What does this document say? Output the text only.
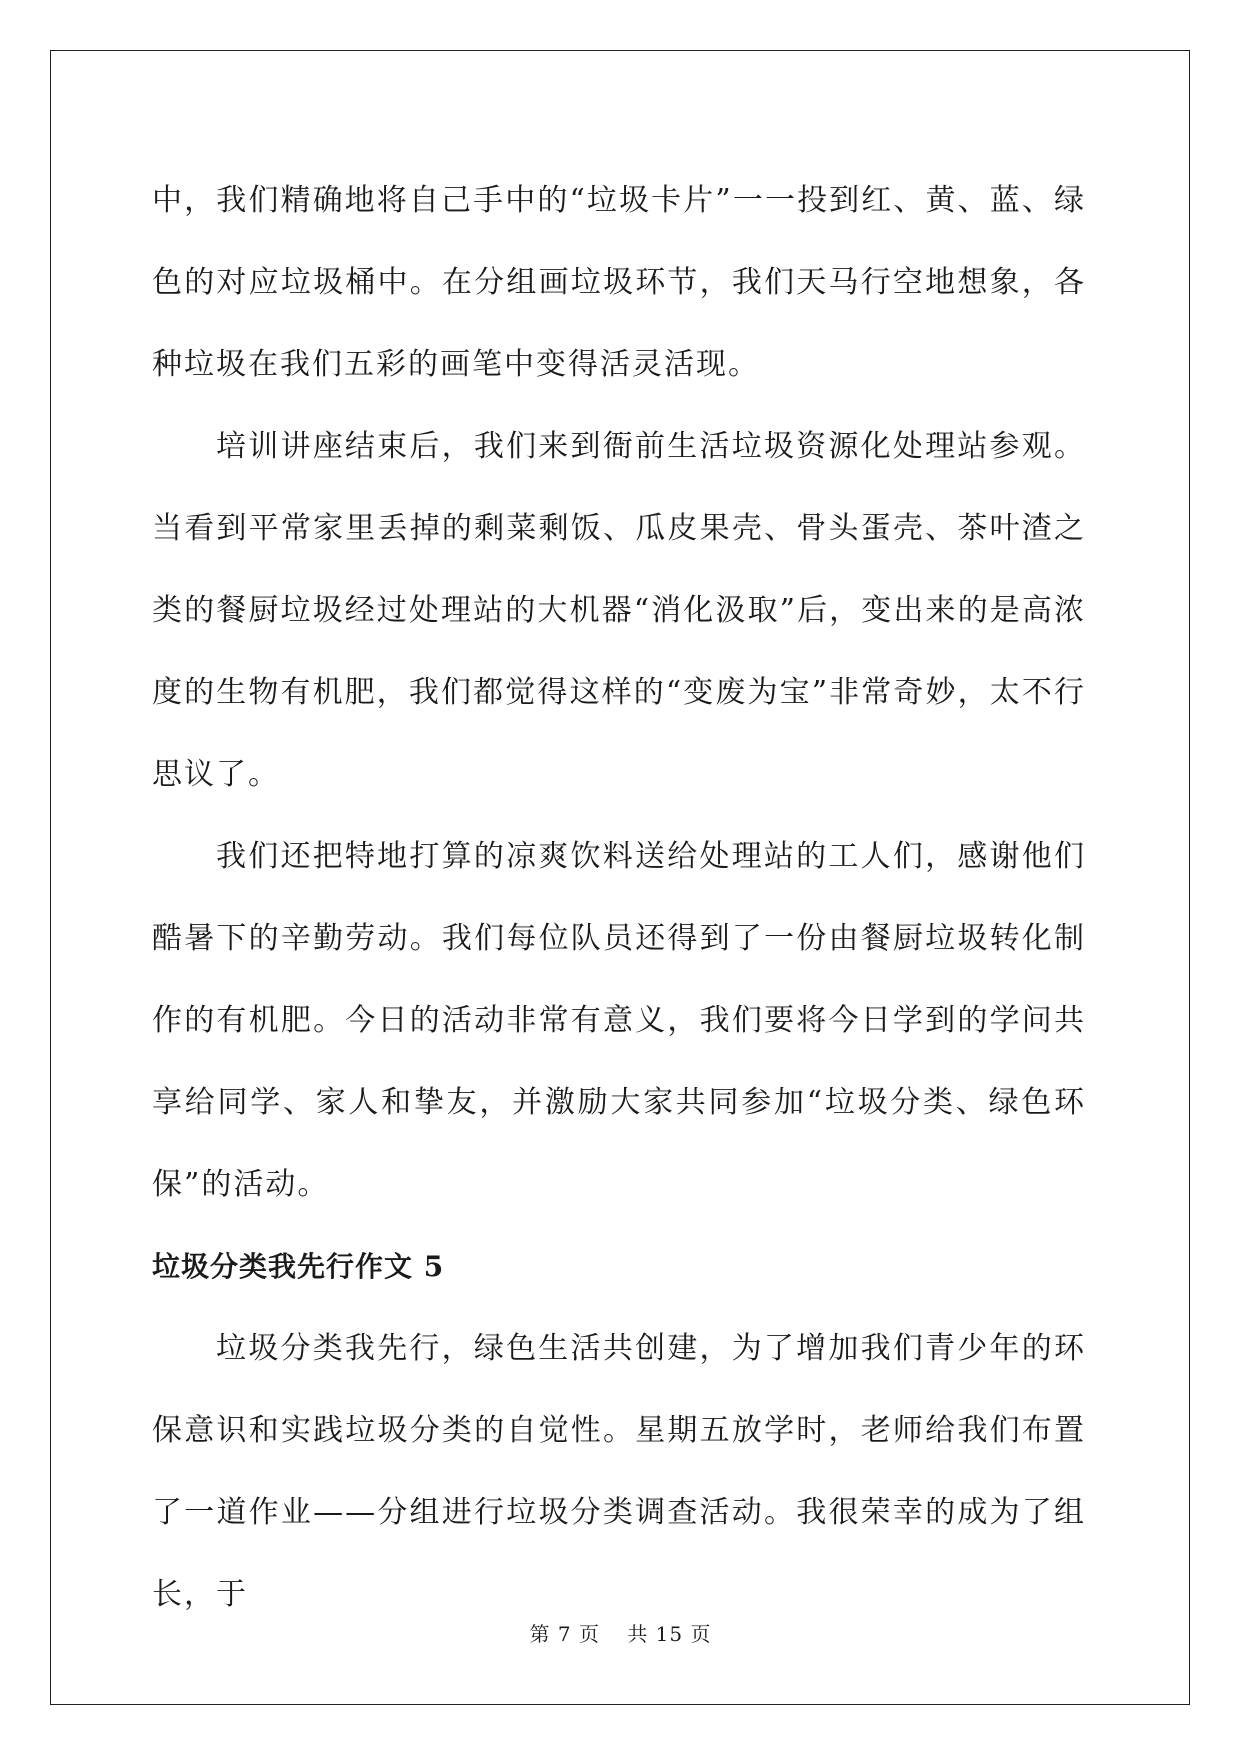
中，我们精确地将自己手中的“垃圾卡片”一一投到红、黄、蓝、绿色的对应垃圾桶中。在分组画垃圾环节，我们天马行空地想象，各种垃圾在我们五彩的画笔中变得活灵活现。

培训讲座结束后，我们来到衙前生活垃圾资源化处理站参观。当看到平常家里丢掉的剩菜剩饭、瓜皮果壳、骨头蛋壳、茶叶渣之类的餐厨垃圾经过处理站的大机器“消化汲取”后，变出来的是高浓度的生物有机肥，我们都觉得这样的“变废为宝”非常奇妙，太不行思议了。

我们还把特地打算的凉爽饮料送给处理站的工人们，感谢他们酷暑下的辛勤劳动。我们每位队员还得到了一份由餐厨垃圾转化制作的有机肥。今日的活动非常有意义，我们要将今日学到的学问共享给同学、家人和挚友，并激励大家共同参加“垃圾分类、绿色环保”的活动。

垃圾分类我先行作文 5

垃圾分类我先行，绿色生活共创建，为了增加我们青少年的环保意识和实践垃圾分类的自觉性。星期五放学时，老师给我们布置了一道作业——分组进行垃圾分类调查活动。我很荣幸的成为了组长，于

第 7 页 共 15 页
